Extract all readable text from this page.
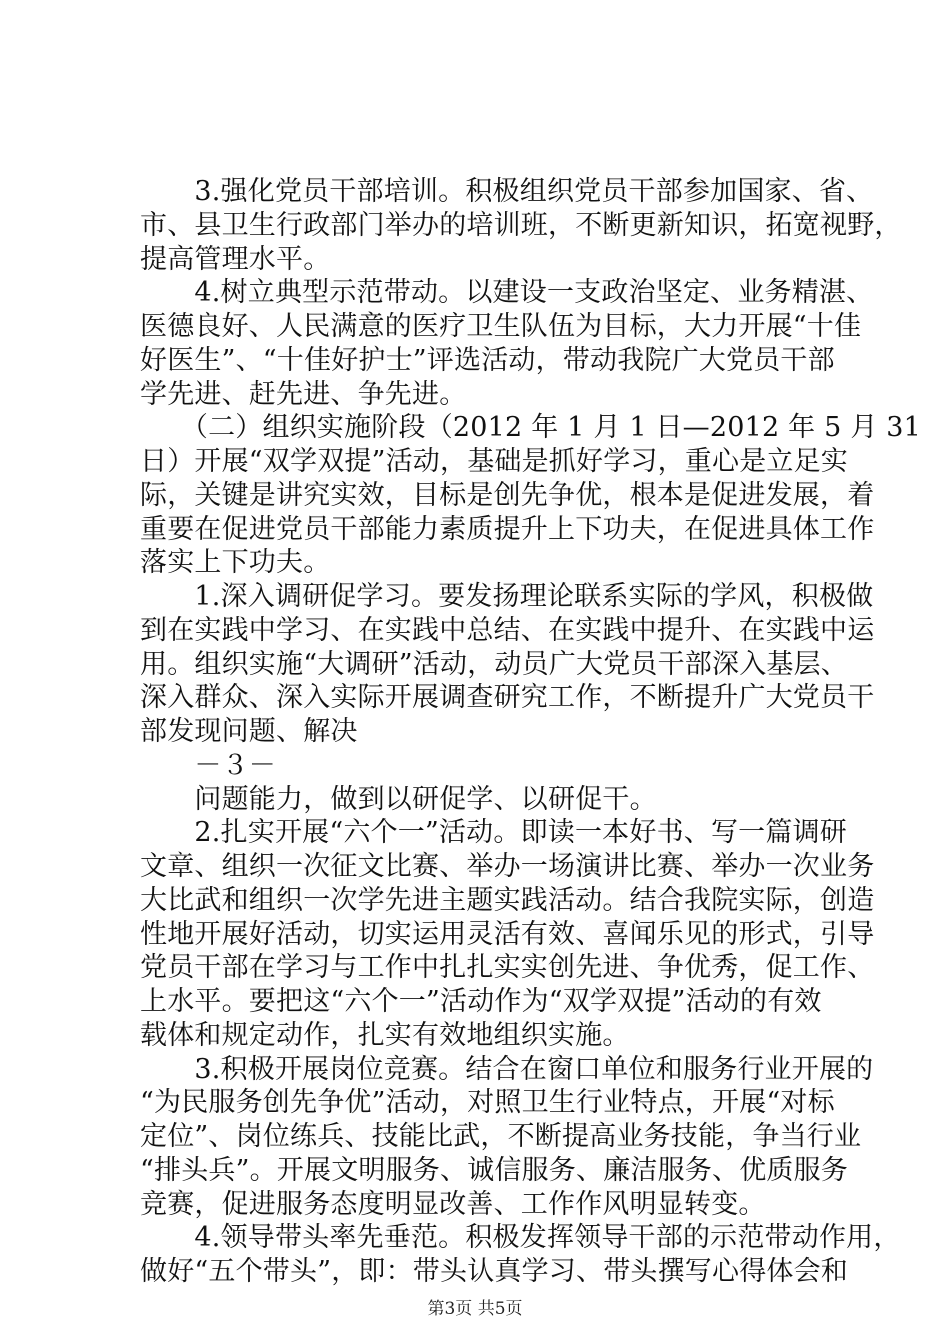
　　3.强化党员干部培训。积极组织党员干部参加国家、省、
市、县卫生行政部门举办的培训班，不断更新知识，拓宽视野，
提高管理水平。
　　4.树立典型示范带动。以建设一支政治坚定、业务精湛、
医德良好、人民满意的医疗卫生队伍为目标，大力开展“十佳
好医生”、“十佳好护士”评选活动，带动我院广大党员干部
学先进、赶先进、争先进。
　　（二）组织实施阶段（2012 年 1 月 1 日—2012 年 5 月 31
日）开展“双学双提”活动，基础是抓好学习，重心是立足实
际，关键是讲究实效，目标是创先争优，根本是促进发展，着
重要在促进党员干部能力素质提升上下功夫，在促进具体工作
落实上下功夫。
　　1.深入调研促学习。要发扬理论联系实际的学风，积极做
到在实践中学习、在实践中总结、在实践中提升、在实践中运
用。组织实施“大调研”活动，动员广大党员干部深入基层、
深入群众、深入实际开展调查研究工作，不断提升广大党员干
部发现问题、解决
　　－３－
　　问题能力，做到以研促学、以研促干。
　　2.扎实开展“六个一”活动。即读一本好书、写一篇调研
文章、组织一次征文比赛、举办一场演讲比赛、举办一次业务
大比武和组织一次学先进主题实践活动。结合我院实际，创造
性地开展好活动，切实运用灵活有效、喜闻乐见的形式，引导
党员干部在学习与工作中扎扎实实创先进、争优秀，促工作、
上水平。要把这“六个一”活动作为“双学双提”活动的有效
载体和规定动作，扎实有效地组织实施。
　　3.积极开展岗位竞赛。结合在窗口单位和服务行业开展的
“为民服务创先争优”活动，对照卫生行业特点，开展“对标
定位”、岗位练兵、技能比武，不断提高业务技能，争当行业
“排头兵”。开展文明服务、诚信服务、廉洁服务、优质服务
竞赛，促进服务态度明显改善、工作作风明显转变。
第3页 共5页
　　4.领导带头率先垂范。积极发挥领导干部的示范带动作用，
做好“五个带头”，即：带头认真学习、带头撰写心得体会和
